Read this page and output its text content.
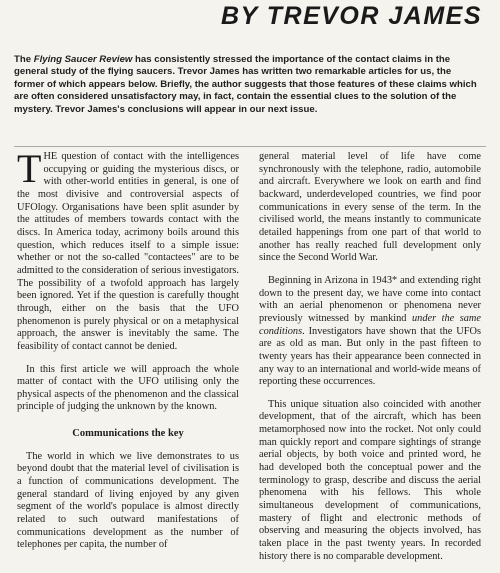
BY TREVOR JAMES

The Flying Saucer Review has consistently stressed the importance of the contact claims in the general study of the flying saucers. Trevor James has written two remarkable articles for us, the former of which appears below. Briefly, the author suggests that those features of these claims which are often considered unsatisfactory may, in fact, contain the essential clues to the solution of the mystery. Trevor James's conclusions will appear in our next issue.

THE question of contact with the intelligences occupying or guiding the mysterious discs, or with other-world entities in general, is one of the most divisive and controversial aspects of UFOlogy. Organisations have been split asunder by the attitudes of members towards contact with the discs. In America today, acrimony boils around this question, which reduces itself to a simple issue: whether or not the so-called "contactees" are to be admitted to the consideration of serious investigators. The possibility of a twofold approach has largely been ignored. Yet if the question is carefully thought through, either on the basis that the UFO phenomenon is purely physical or on a metaphysical approach, the answer is inevitably the same. The feasibility of contact cannot be denied.

In this first article we will approach the whole matter of contact with the UFO utilising only the physical aspects of the phenomenon and the classical principle of judging the unknown by the known.

Communications the key

The world in which we live demonstrates to us beyond doubt that the material level of civilisation is a function of communications development. The general standard of living enjoyed by any given segment of the world's populace is almost directly related to such outward manifestations of communications development as the number of telephones per capita, the number of

general material level of life have come synchronously with the telephone, radio, automobile and aircraft. Everywhere we look on earth and find backward, underdeveloped countries, we find poor communications in every sense of the term. In the civilised world, the means instantly to communicate detailed happenings from one part of that world to another has really reached full development only since the Second World War.

Beginning in Arizona in 1943* and extending right down to the present day, we have come into contact with an aerial phenomenon or phenomena never previously witnessed by mankind under the same conditions. Investigators have shown that the UFOs are as old as man. But only in the past fifteen to twenty years has their appearance been connected in any way to an international and world-wide means of reporting these occurrences.

This unique situation also coincided with another development, that of the aircraft, which has been metamorphosed now into the rocket. Not only could man quickly report and compare sightings of strange aerial objects, by both voice and printed word, he had developed both the conceptual power and the terminology to grasp, describe and discuss the aerial phenomena with his fellows. This whole simultaneous development of communications, mastery of flight and electronic methods of observing and measuring the objects involved, has taken place in the past twenty years. In recorded history there is no comparable development.
